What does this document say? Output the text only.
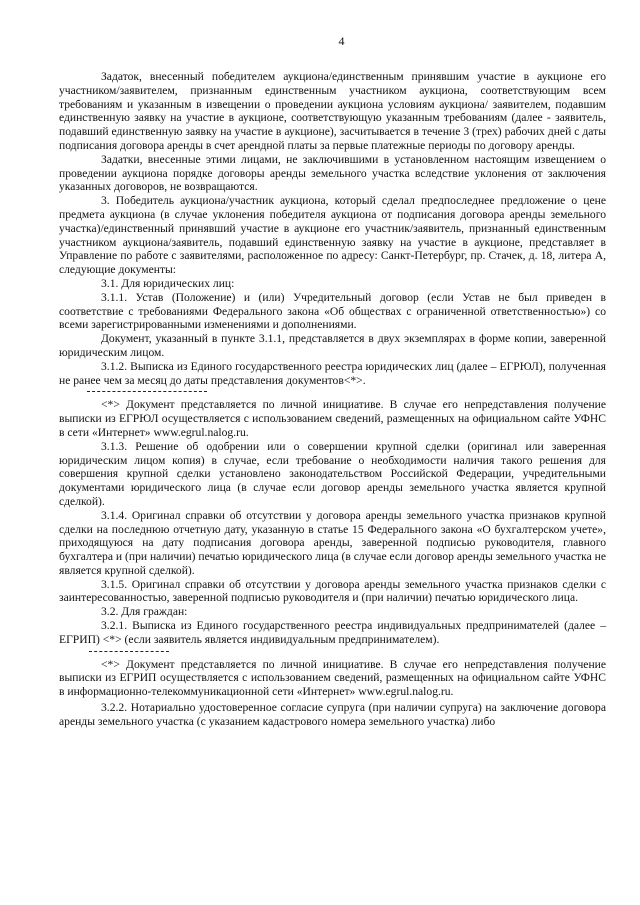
4

Задаток, внесенный победителем аукциона/единственным принявшим участие в аукционе его участником/заявителем, признанным единственным участником аукциона, соответствующим всем требованиям и указанным в извещении о проведении аукциона условиям аукциона/ заявителем, подавшим единственную заявку на участие в аукционе, соответствующую указанным требованиям (далее - заявитель, подавший единственную заявку на участие в аукционе), засчитывается в течение 3 (трех) рабочих дней с даты подписания договора аренды в счет арендной платы за первые платежные периоды по договору аренды.

Задатки, внесенные этими лицами, не заключившими в установленном настоящим извещением о проведении аукциона порядке договоры аренды земельного участка вследствие уклонения от заключения указанных договоров, не возвращаются.

3. Победитель аукциона/участник аукциона, который сделал предпоследнее предложение о цене предмета аукциона (в случае уклонения победителя аукциона от подписания договора аренды земельного участка)/единственный принявший участие в аукционе его участник/заявитель, признанный единственным участником аукциона/заявитель, подавший единственную заявку на участие в аукционе, представляет в Управление по работе с заявителями, расположенное по адресу: Санкт-Петербург, пр. Стачек, д. 18, литера А, следующие документы:

3.1. Для юридических лиц:

3.1.1. Устав (Положение) и (или) Учредительный договор (если Устав не был приведен в соответствие с требованиями Федерального закона «Об обществах с ограниченной ответственностью») со всеми зарегистрированными изменениями и дополнениями.

Документ, указанный в пункте 3.1.1, представляется в двух экземплярах в форме копии, заверенной юридическим лицом.

3.1.2. Выписка из Единого государственного реестра юридических лиц (далее – ЕГРЮЛ), полученная не ранее чем за месяц до даты представления документов<*>.

<*> Документ представляется по личной инициативе. В случае его непредставления получение выписки из ЕГРЮЛ осуществляется с использованием сведений, размещенных на официальном сайте УФНС в сети «Интернет» www.egrul.nalog.ru.

3.1.3. Решение об одобрении или о совершении крупной сделки (оригинал или заверенная юридическим лицом копия) в случае, если требование о необходимости наличия такого решения для совершения крупной сделки установлено законодательством Российской Федерации, учредительными документами юридического лица (в случае если договор аренды земельного участка является крупной сделкой).

3.1.4. Оригинал справки об отсутствии у договора аренды земельного участка признаков крупной сделки на последнюю отчетную дату, указанную в статье 15 Федерального закона «О бухгалтерском учете», приходящуюся на дату подписания договора аренды, заверенной подписью руководителя, главного бухгалтера и (при наличии) печатью юридического лица (в случае если договор аренды земельного участка не является крупной сделкой).

3.1.5. Оригинал справки об отсутствии у договора аренды земельного участка признаков сделки с заинтересованностью, заверенной подписью руководителя и (при наличии) печатью юридического лица.

3.2. Для граждан:

3.2.1. Выписка из Единого государственного реестра индивидуальных предпринимателей (далее – ЕГРИП) <*> (если заявитель является индивидуальным предпринимателем).

<*> Документ представляется по личной инициативе. В случае его непредставления получение выписки из ЕГРИП осуществляется с использованием сведений, размещенных на официальном сайте УФНС в информационно-телекоммуникационной сети «Интернет» www.egrul.nalog.ru.

3.2.2. Нотариально удостоверенное согласие супруга (при наличии супруга) на заключение договора аренды земельного участка (с указанием кадастрового номера земельного участка) либо
